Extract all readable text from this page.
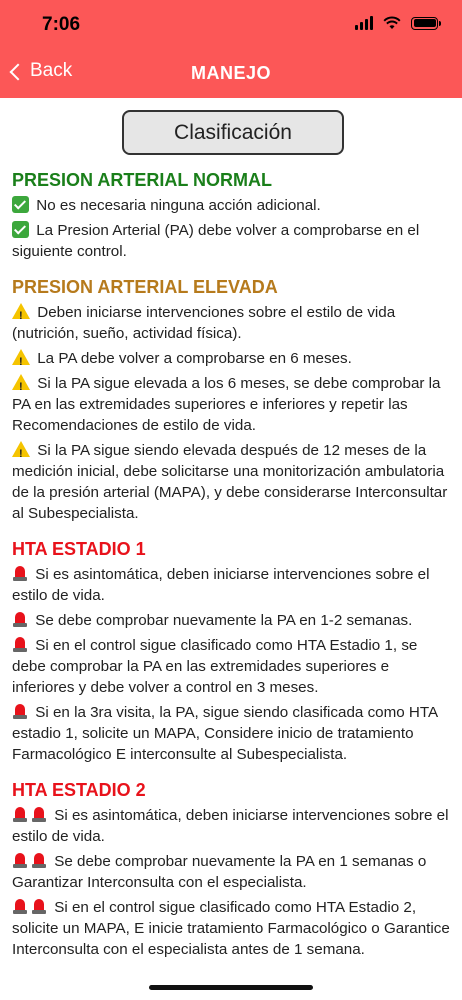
7:06
Back	MANEJO
Clasificación
PRESION ARTERIAL NORMAL
No es necesaria ninguna acción adicional.
La Presion Arterial (PA) debe volver a comprobarse en el siguiente control.
PRESION ARTERIAL ELEVADA
! Deben iniciarse intervenciones sobre el estilo de vida (nutrición, sueño, actividad física).
! La PA debe volver a comprobarse en 6 meses.
! Si la PA sigue elevada a los 6 meses, se debe comprobar la PA en las extremidades superiores e inferiores y repetir las Recomendaciones de estilo de vida.
! Si la PA sigue siendo elevada después de 12 meses de la medición inicial, debe solicitarse una monitorización ambulatoria de la presión arterial (MAPA), y debe considerarse Interconsultar al Subespecialista.
HTA ESTADIO 1
Si es asintomática, deben iniciarse intervenciones sobre el estilo de vida.
Se debe comprobar nuevamente la PA en 1-2 semanas.
Si en el control sigue clasificado como HTA Estadio 1, se debe comprobar la PA en las extremidades superiores e inferiores y debe volver a control en 3 meses.
Si en la 3ra visita, la PA, sigue siendo clasificada como HTA estadio 1, solicite un MAPA, Considere inicio de tratamiento Farmacológico E interconsulte al Subespecialista.
HTA ESTADIO 2
Si es asintomática, deben iniciarse intervenciones sobre el estilo de vida.
Se debe comprobar nuevamente la PA en 1 semanas o Garantizar Interconsulta con el especialista.
Si en el control sigue clasificado como HTA Estadio 2, solicite un MAPA, E inicie tratamiento Farmacológico o Garantice Interconsulta con el especialista antes de 1 semana.
